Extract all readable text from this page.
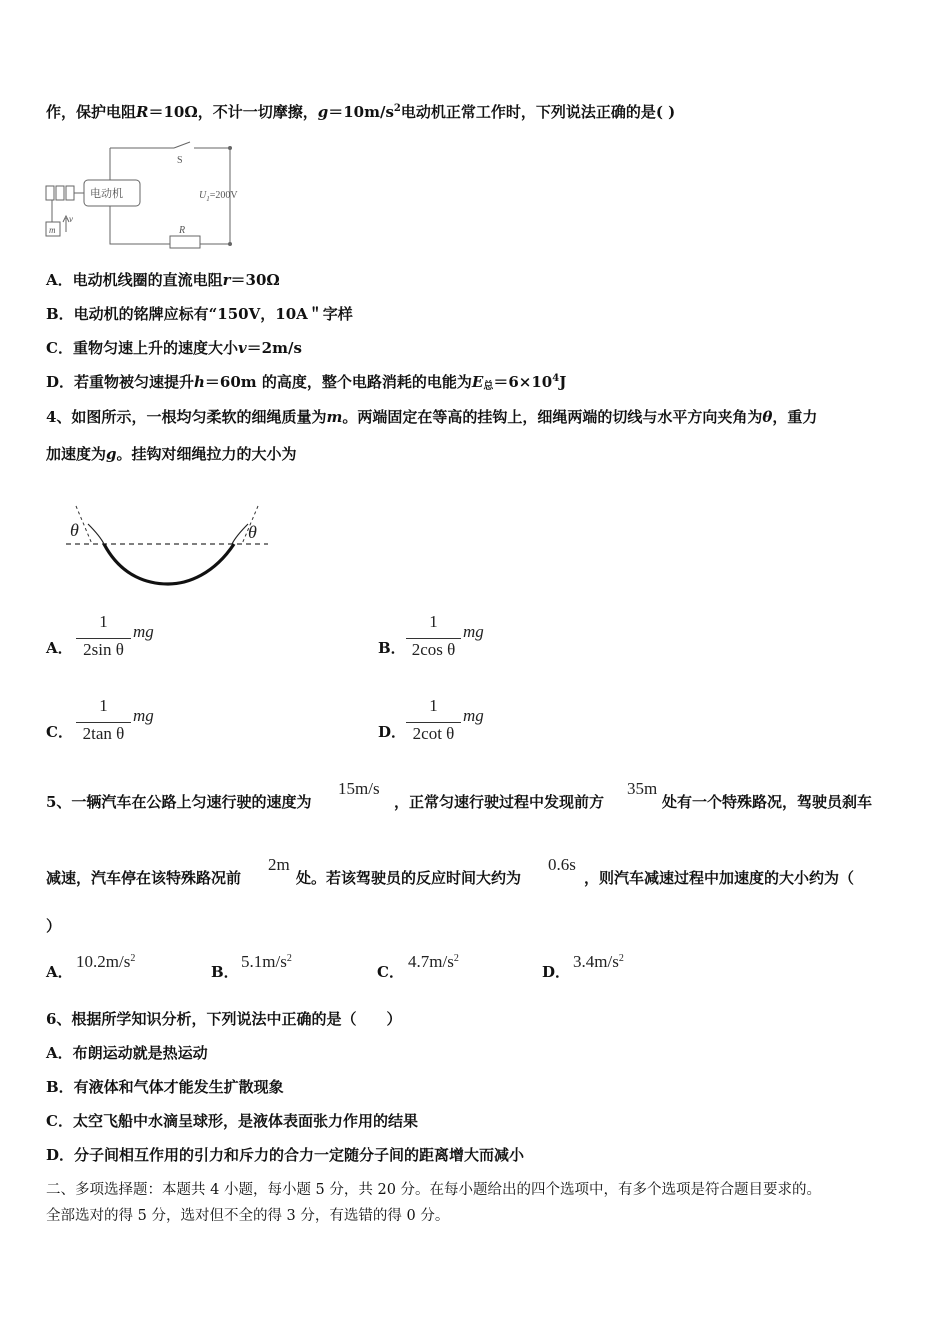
作，保护电阻R＝10Ω，不计一切摩擦，$g=10m/s^2$电动机正常工作时，下列说法正确的是( )
S
$U_1=200V$
电动机
R
m
v
A．电动机线圈的直流电阻r＝30Ω
B．电动机的铭牌应标有“150V，10A＂字样
C．重物匀速上升的速度大小v＝2m/s
D．若重物被匀速提升h＝60m 的高度，整个电路消耗的电能为$E_总=6\times 10^4J$
4、如图所示，一根均匀柔软的细绳质量为m。两端固定在等高的挂钩上，细绳两端的切线与水平方向夹角为θ，重力
加速度为g。挂钩对细绳拉力的大小为
θ	θ
A．
1
2sin θ
mg
B．
1
2cos θ
mg
C．
1
2tan θ
mg
D．
1
2cot θ
mg
5、一辆汽车在公路上匀速行驶的速度为
15m/s
，正常匀速行驶过程中发现前方
35m
处有一个特殊路况，驾驶员刹车
减速，汽车停在该特殊路况前
2m
处。若该驾驶员的反应时间大约为
0.6s
，则汽车减速过程中加速度的大小约为（
）
A．
$10.2m/s^2$
B．
$5.1m/s^2$
C．
$4.7m/s^2$
D．
$3.4m/s^2$
6、根据所学知识分析，下列说法中正确的是（　　）
A．布朗运动就是热运动
B．有液体和气体才能发生扩散现象
C．太空飞船中水滴呈球形，是液体表面张力作用的结果
D．分子间相互作用的引力和斥力的合力一定随分子间的距离增大而减小
二、多项选择题：本题共 4 小题，每小题 5 分，共 20 分。在每小题给出的四个选项中，有多个选项是符合题目要求的。
全部选对的得 5 分，选对但不全的得 3 分，有选错的得 0 分。
